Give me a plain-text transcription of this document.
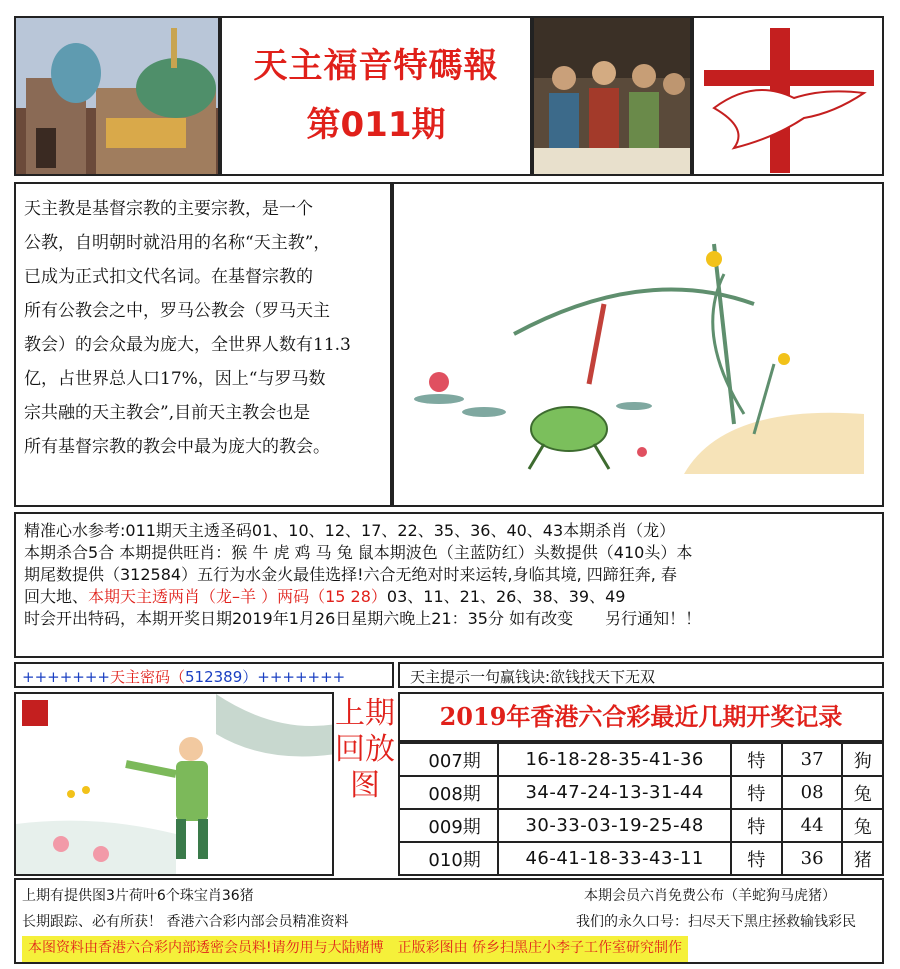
天主福音特碼報
第011期
天主教是基督宗教的主要宗教，是一个
公教，自明朝时就沿用的名称“天主教”，
已成为正式扣文代名词。在基督宗教的
所有公教会之中，罗马公教会（罗马天主
教会）的会众最为庞大，全世界人数有11.3
亿，占世界总人口17%，因上“与罗马数
宗共融的天主教会”,目前天主教会也是
所有基督宗教的教会中最为庞大的教会。
精准心水参考:011期天主透圣码01、10、12、17、22、35、36、40、43本期杀肖（龙）
本期杀合5合 本期提供旺肖：猴 牛 虎 鸡 马 兔 鼠本期波色（主蓝防红）头数提供（410头）本
期尾数提供（312584）五行为水金火最佳选择!六合无绝对时来运转,身临其境, 四蹄狂奔, 春
回大地、本期天主透两肖（龙–羊 ）两码（15 28）03、11、21、26、38、39、49
时会开出特码，本期开奖日期2019年1月26日星期六晚上21：35分 如有改变　　另行通知！！
+++++++天主密码（512389）+++++++	天主提示一句赢钱诀:欲钱找天下无双
上期回放图
2019年香港六合彩最近几期开奖记录
007期	16-18-28-35-41-36	特	37	狗
008期	34-47-24-13-31-44	特	08	兔
009期	30-33-03-19-25-48	特	44	兔
010期	46-41-18-33-43-11	特	36	猪
上期有提供图3片荷叶6个珠宝肖36猪	本期会员六肖免费公布（羊蛇狗马虎猪）
长期跟踪、必有所获！ 香港六合彩内部会员精准资料	我们的永久口号：扫尽天下黑庄拯救输钱彩民
本图资料由香港六合彩内部透密会员料!请勿用与大陆赌博　正版彩图由 侨乡扫黑庄小李子工作室研究制作
